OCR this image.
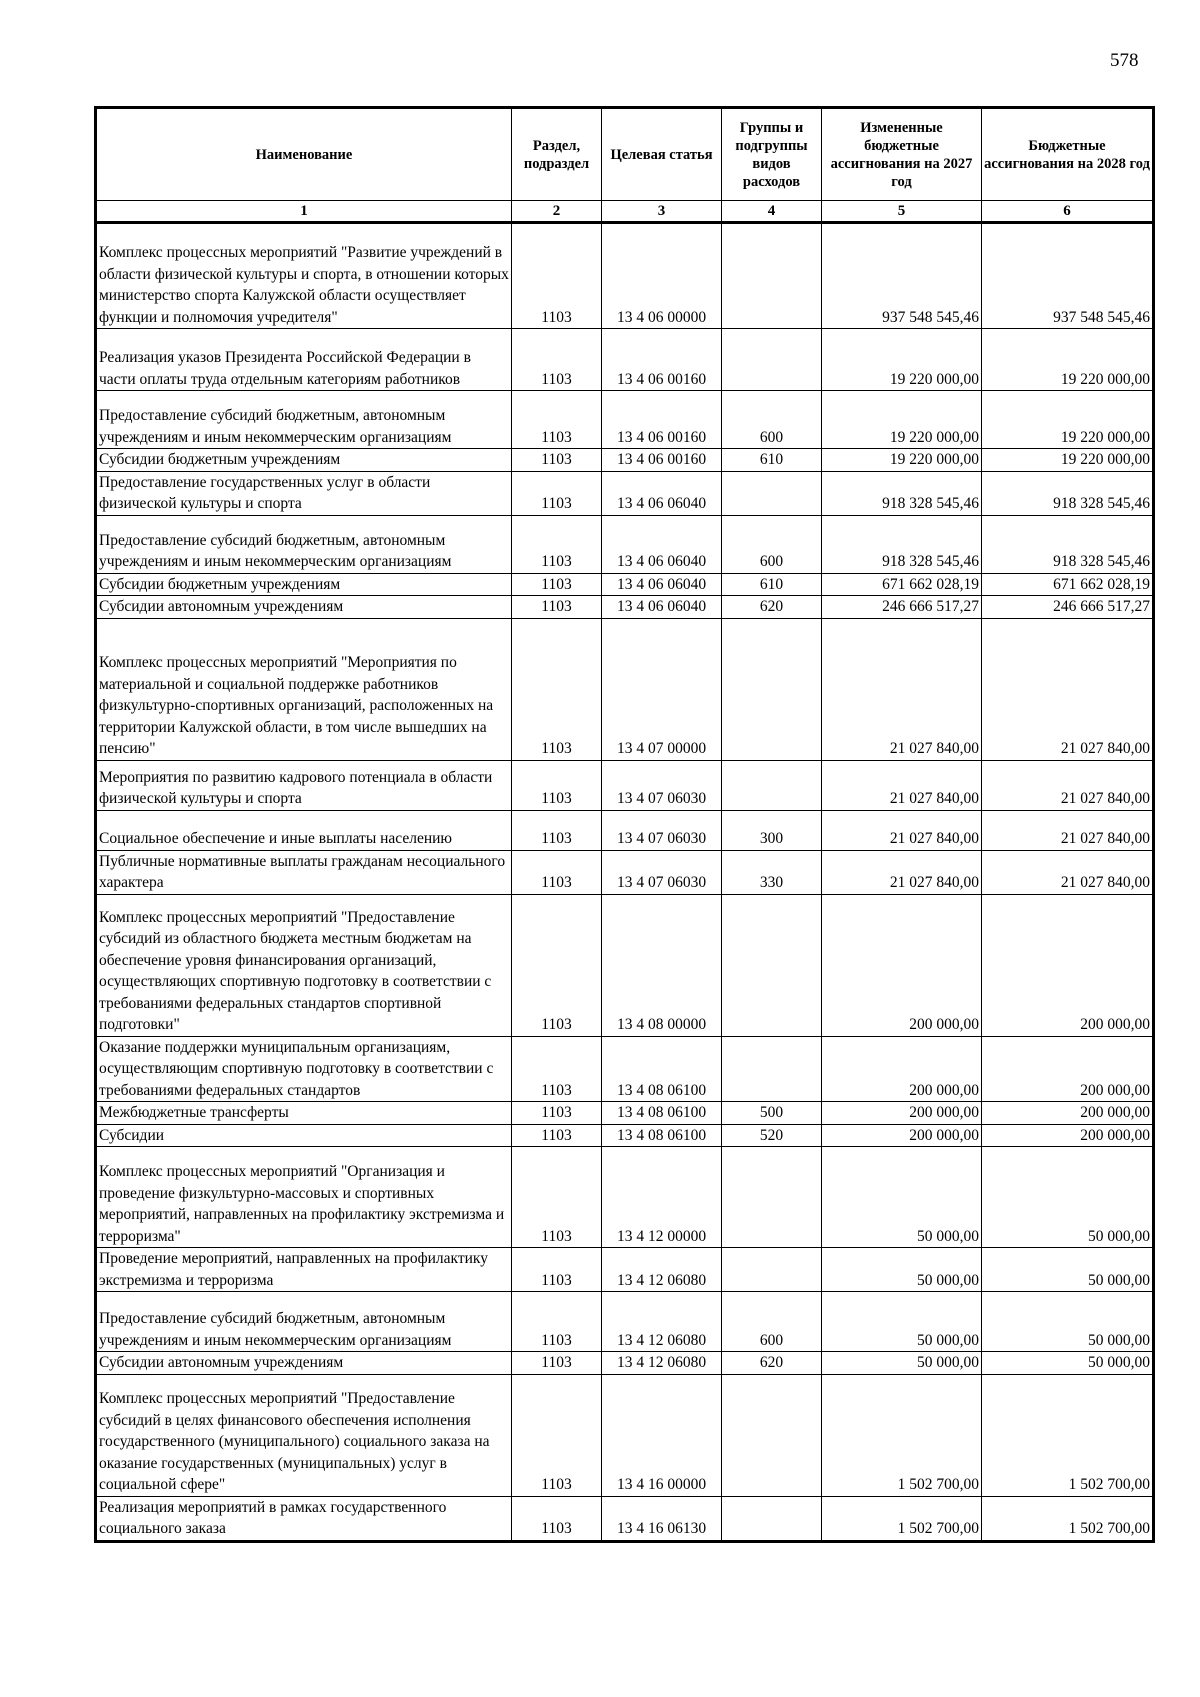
578
Наименование	Раздел, подраздел	Целевая статья	Группы и подгруппы видов расходов	Измененные бюджетные ассигнования на 2027 год	Бюджетные ассигнования на 2028 год
1	2	3	4	5	6
Комплекс процессных мероприятий "Развитие учреждений в области физической культуры и спорта, в отношении которых министерство спорта Калужской области осуществляет функции и полномочия учредителя"	1103	13 4 06 00000		937 548 545,46	937 548 545,46
Реализация указов Президента Российской Федерации в части оплаты труда отдельным категориям работников	1103	13 4 06 00160		19 220 000,00	19 220 000,00
Предоставление субсидий бюджетным, автономным учреждениям и иным некоммерческим организациям	1103	13 4 06 00160	600	19 220 000,00	19 220 000,00
Субсидии бюджетным учреждениям	1103	13 4 06 00160	610	19 220 000,00	19 220 000,00
Предоставление государственных услуг в области физической культуры и спорта	1103	13 4 06 06040		918 328 545,46	918 328 545,46
Предоставление субсидий бюджетным, автономным учреждениям и иным некоммерческим организациям	1103	13 4 06 06040	600	918 328 545,46	918 328 545,46
Субсидии бюджетным учреждениям	1103	13 4 06 06040	610	671 662 028,19	671 662 028,19
Субсидии автономным учреждениям	1103	13 4 06 06040	620	246 666 517,27	246 666 517,27
Комплекс процессных мероприятий "Мероприятия по материальной и социальной поддержке работников физкультурно-спортивных организаций, расположенных на территории Калужской области, в том числе вышедших на пенсию"	1103	13 4 07 00000		21 027 840,00	21 027 840,00
Мероприятия по развитию кадрового потенциала в области физической культуры и спорта	1103	13 4 07 06030		21 027 840,00	21 027 840,00
Социальное обеспечение и иные выплаты населению	1103	13 4 07 06030	300	21 027 840,00	21 027 840,00
Публичные нормативные выплаты гражданам несоциального характера	1103	13 4 07 06030	330	21 027 840,00	21 027 840,00
Комплекс процессных мероприятий "Предоставление субсидий из областного бюджета местным бюджетам на обеспечение уровня финансирования организаций, осуществляющих спортивную подготовку в соответствии с требованиями федеральных стандартов спортивной подготовки"	1103	13 4 08 00000		200 000,00	200 000,00
Оказание поддержки муниципальным организациям, осуществляющим спортивную подготовку в соответствии с требованиями федеральных стандартов	1103	13 4 08 06100		200 000,00	200 000,00
Межбюджетные трансферты	1103	13 4 08 06100	500	200 000,00	200 000,00
Субсидии	1103	13 4 08 06100	520	200 000,00	200 000,00
Комплекс процессных мероприятий "Организация и проведение физкультурно-массовых и спортивных мероприятий, направленных на профилактику экстремизма и терроризма"	1103	13 4 12 00000		50 000,00	50 000,00
Проведение мероприятий, направленных на профилактику экстремизма и терроризма	1103	13 4 12 06080		50 000,00	50 000,00
Предоставление субсидий бюджетным, автономным учреждениям и иным некоммерческим организациям	1103	13 4 12 06080	600	50 000,00	50 000,00
Субсидии автономным учреждениям	1103	13 4 12 06080	620	50 000,00	50 000,00
Комплекс процессных мероприятий "Предоставление субсидий в целях финансового обеспечения исполнения государственного (муниципального) социального заказа на оказание государственных (муниципальных) услуг в социальной сфере"	1103	13 4 16 00000		1 502 700,00	1 502 700,00
Реализация мероприятий в рамках государственного социального заказа	1103	13 4 16 06130		1 502 700,00	1 502 700,00
